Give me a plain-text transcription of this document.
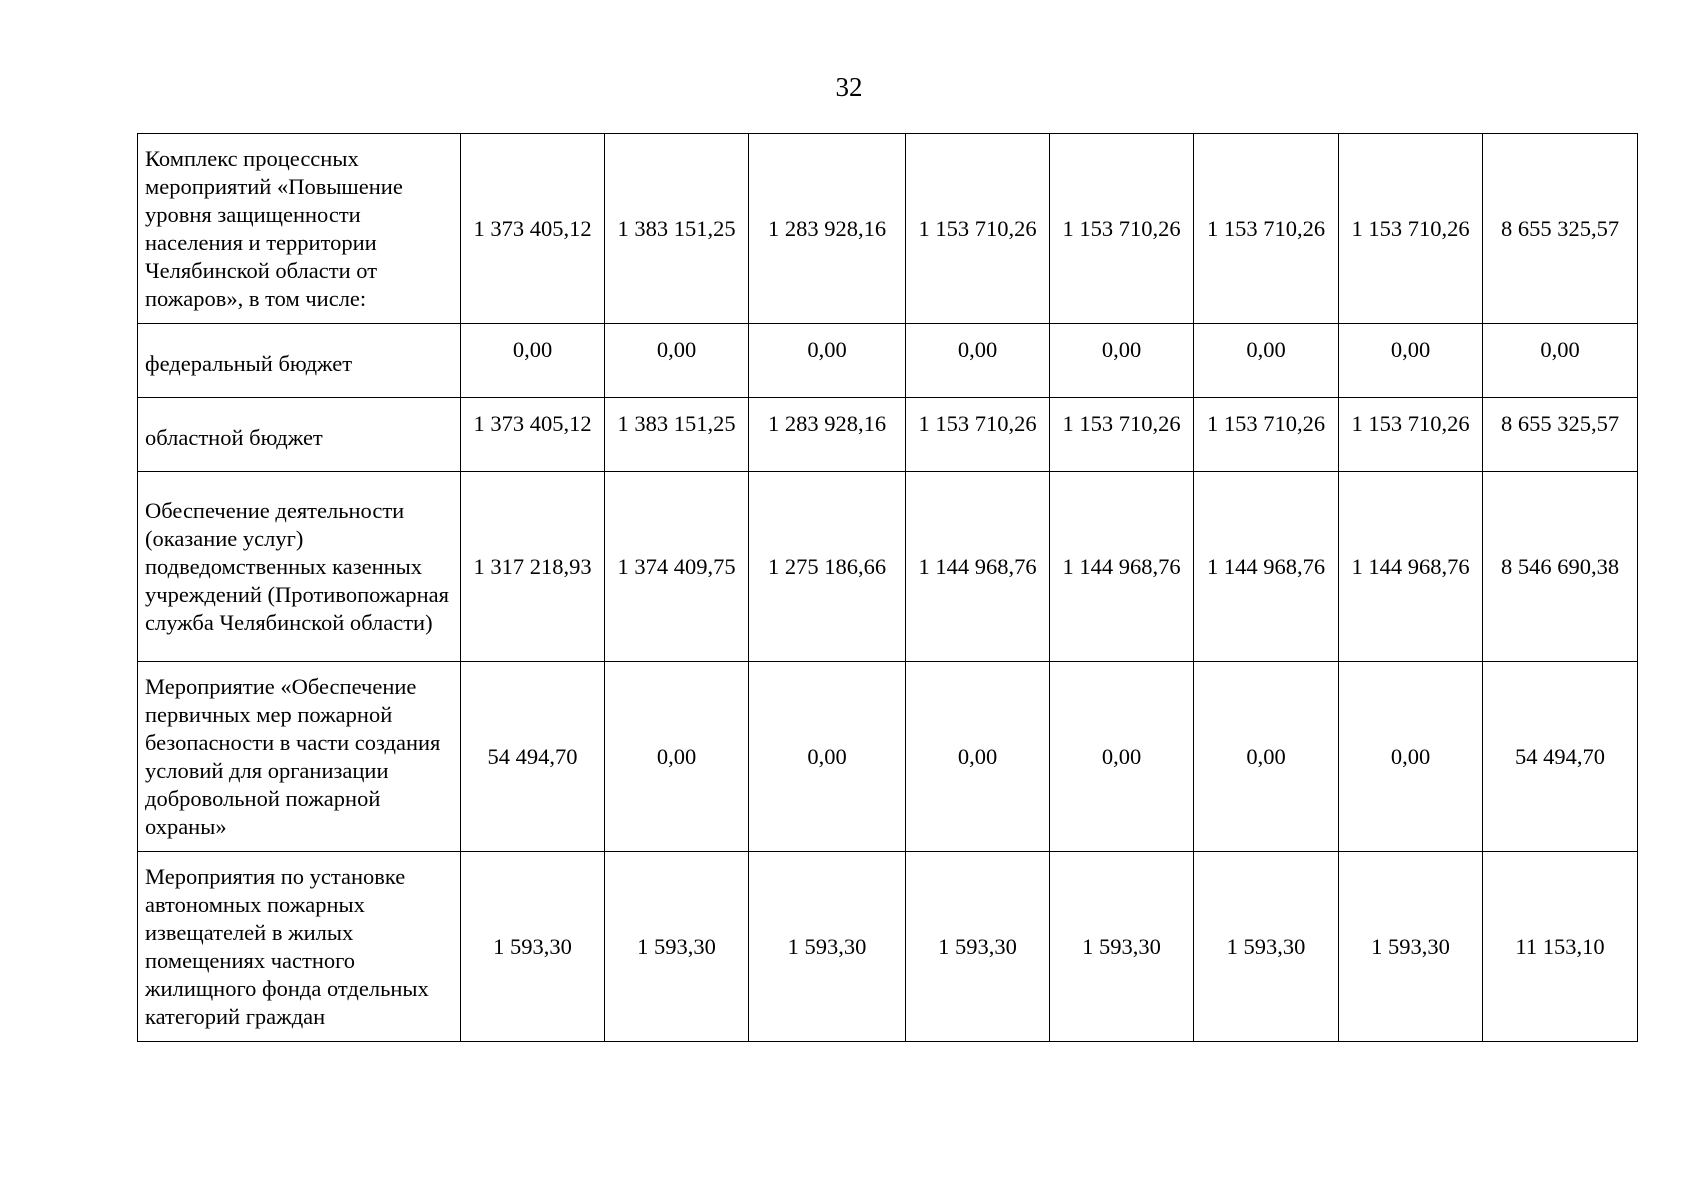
32
Комплекс процессных мероприятий «Повышение уровня защищенности населения и территории Челябинской области от пожаров», в том числе:	1 373 405,12	1 383 151,25	1 283 928,16	1 153 710,26	1 153 710,26	1 153 710,26	1 153 710,26	8 655 325,57
федеральный бюджет	0,00	0,00	0,00	0,00	0,00	0,00	0,00	0,00
областной бюджет	1 373 405,12	1 383 151,25	1 283 928,16	1 153 710,26	1 153 710,26	1 153 710,26	1 153 710,26	8 655 325,57
Обеспечение деятельности (оказание услуг) подведомственных казенных учреждений (Противопожарная служба Челябинской области)	1 317 218,93	1 374 409,75	1 275 186,66	1 144 968,76	1 144 968,76	1 144 968,76	1 144 968,76	8 546 690,38
Мероприятие «Обеспечение первичных мер пожарной безопасности в части создания условий для организации добровольной пожарной охраны»	54 494,70	0,00	0,00	0,00	0,00	0,00	0,00	54 494,70
Мероприятия по установке автономных пожарных извещателей в жилых помещениях частного жилищного фонда отдельных категорий граждан	1 593,30	1 593,30	1 593,30	1 593,30	1 593,30	1 593,30	1 593,30	11 153,10
